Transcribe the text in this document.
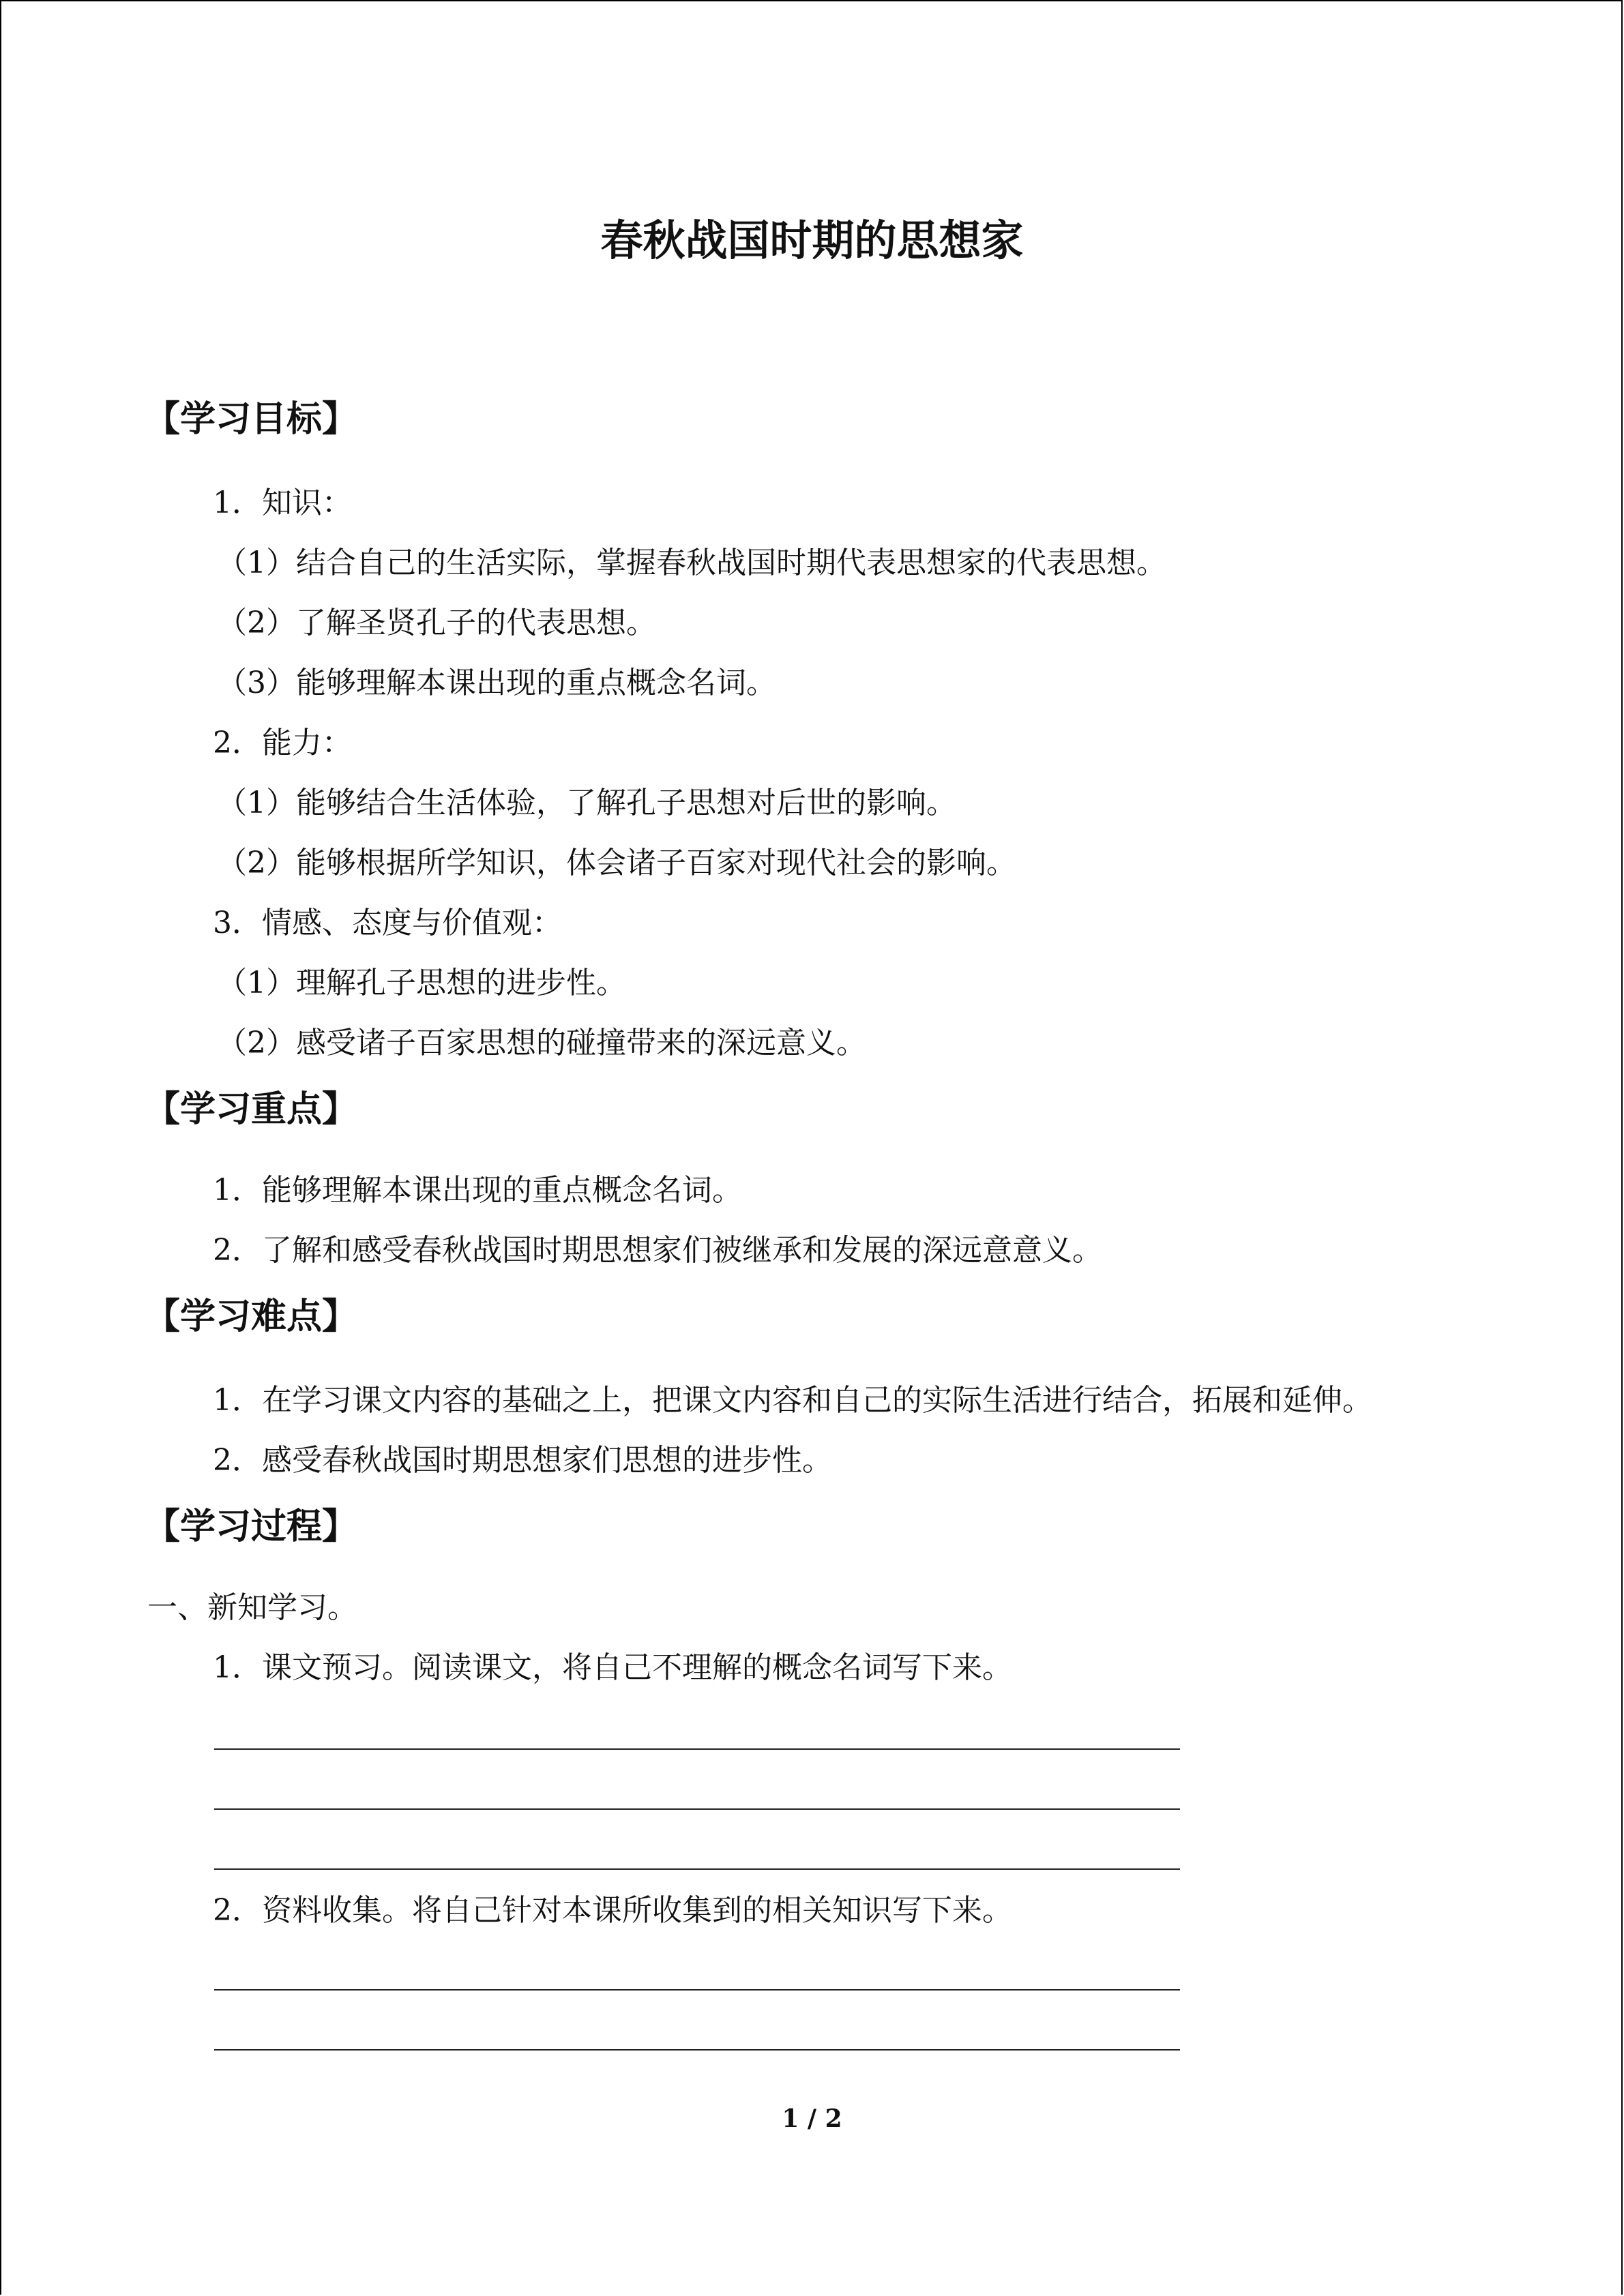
春秋战国时期的思想家
【学习目标】
1．知识：
（1）结合自己的生活实际，掌握春秋战国时期代表思想家的代表思想。
（2）了解圣贤孔子的代表思想。
（3）能够理解本课出现的重点概念名词。
2．能力：
（1）能够结合生活体验，了解孔子思想对后世的影响。
（2）能够根据所学知识，体会诸子百家对现代社会的影响。
3．情感、态度与价值观：
（1）理解孔子思想的进步性。
（2）感受诸子百家思想的碰撞带来的深远意义。
【学习重点】
1．能够理解本课出现的重点概念名词。
2．了解和感受春秋战国时期思想家们被继承和发展的深远意意义。
【学习难点】
1．在学习课文内容的基础之上，把课文内容和自己的实际生活进行结合，拓展和延伸。
2．感受春秋战国时期思想家们思想的进步性。
【学习过程】
一、新知学习。
1．课文预习。阅读课文，将自己不理解的概念名词写下来。
2．资料收集。将自己针对本课所收集到的相关知识写下来。
1 / 2
